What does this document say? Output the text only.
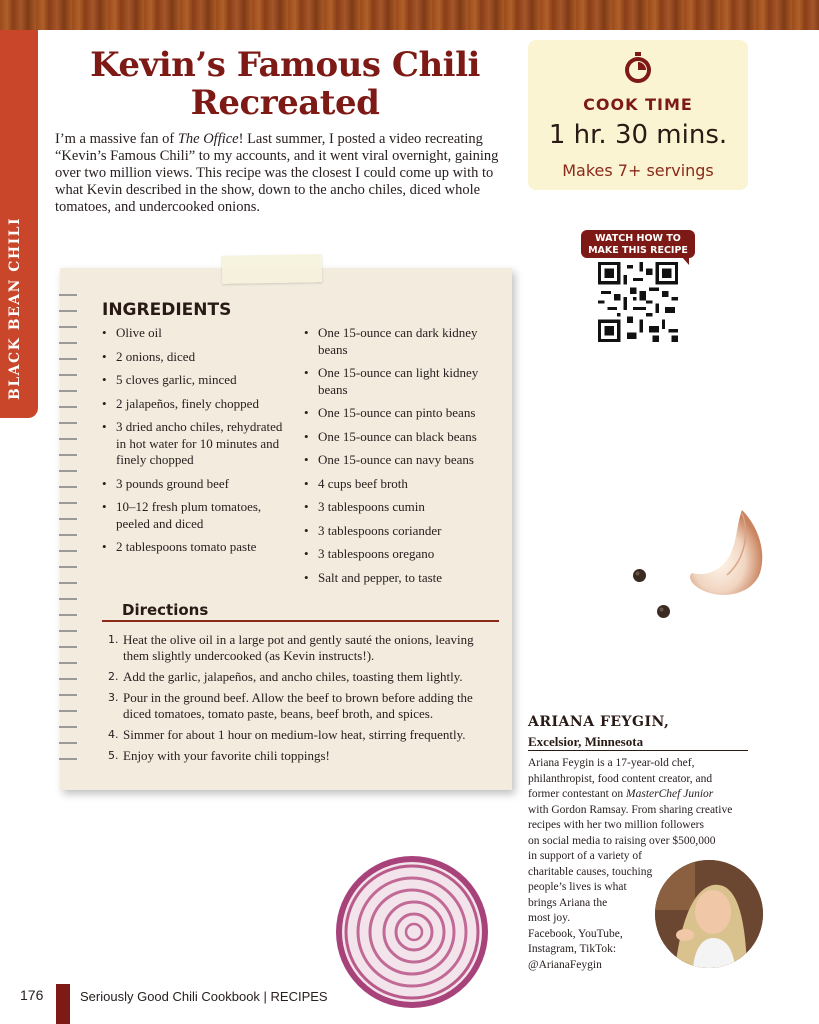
BLACK BEAN CHILI
Kevin’s Famous Chili
Recreated

I’m a massive fan of The Office! Last summer, I posted a video recreating “Kevin’s Famous Chili” to my accounts, and it went viral overnight, gaining over two million views. This recipe was the closest I could come up with to what Kevin described in the show, down to the ancho chiles, diced whole tomatoes, and undercooked onions.

COOK TIME
1 hr. 30 mins.
Makes 7+ servings
WATCH HOW TO
MAKE THIS RECIPE
INGREDIENTS
• Olive oil
• 2 onions, diced
• 5 cloves garlic, minced
• 2 jalapeños, finely chopped
• 3 dried ancho chiles, rehydrated in hot water for 10 minutes and finely chopped
• 3 pounds ground beef
• 10–12 fresh plum tomatoes, peeled and diced
• 2 tablespoons tomato paste
• One 15-ounce can dark kidney beans
• One 15-ounce can light kidney beans
• One 15-ounce can pinto beans
• One 15-ounce can black beans
• One 15-ounce can navy beans
• 4 cups beef broth
• 3 tablespoons cumin
• 3 tablespoons coriander
• 3 tablespoons oregano
• Salt and pepper, to taste
Directions
1. Heat the olive oil in a large pot and gently sauté the onions, leaving them slightly undercooked (as Kevin instructs!).
2. Add the garlic, jalapeños, and ancho chiles, toasting them lightly.
3. Pour in the ground beef. Allow the beef to brown before adding the diced tomatoes, tomato paste, beans, beef broth, and spices.
4. Simmer for about 1 hour on medium-low heat, stirring frequently.
5. Enjoy with your favorite chili toppings!
ARIANA FEYGIN,
Excelsior, Minnesota

Ariana Feygin is a 17-year-old chef,
philanthropist, food content creator, and
former contestant on MasterChef Junior
with Gordon Ramsay. From sharing creative
recipes with her two million followers
on social media to raising over $500,000
in support of a variety of
charitable causes, touching
people’s lives is what
brings Ariana the
most joy.
Facebook, YouTube,
Instagram, TikTok:
@ArianaFeygin

176	Seriously Good Chili Cookbook | RECIPES
